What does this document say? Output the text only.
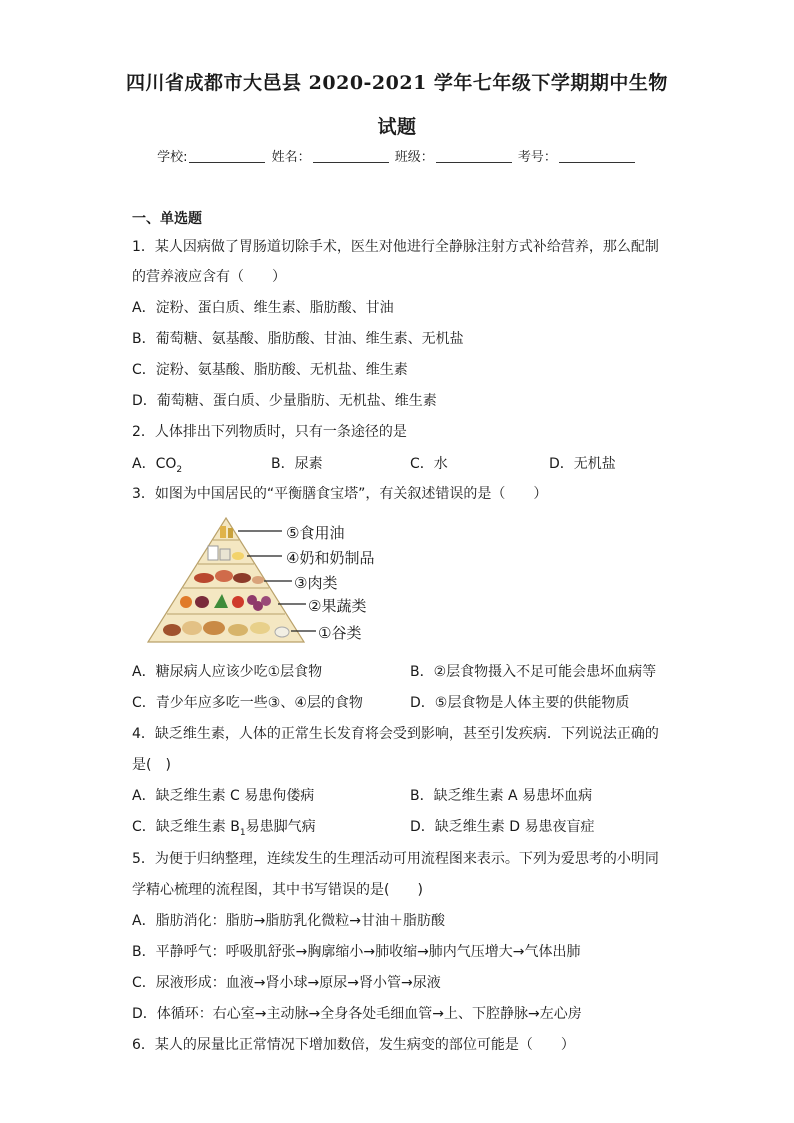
四川省成都市大邑县 2020-2021 学年七年级下学期期中生物
试题
学校:	姓名：	班级：	考号：
一、单选题
1．某人因病做了胃肠道切除手术，医生对他进行全静脉注射方式补给营养，那么配制
的营养液应含有（　　）
A．淀粉、蛋白质、维生素、脂肪酸、甘油
B．葡萄糖、氨基酸、脂肪酸、甘油、维生素、无机盐
C．淀粉、氨基酸、脂肪酸、无机盐、维生素
D．葡萄糖、蛋白质、少量脂肪、无机盐、维生素
2．人体排出下列物质时，只有一条途径的是
A．$CO_2$	B．尿素	C．水	D．无机盐
3．如图为中国居民的“平衡膳食宝塔”，有关叙述错误的是（　　）
⑤食用油
④奶和奶制品
③肉类
②果蔬类
①谷类
A．糖尿病人应该少吃①层食物	B．②层食物摄入不足可能会患坏血病等
C．青少年应多吃一些③、④层的食物	D．⑤层食物是人体主要的供能物质
4．缺乏维生素，人体的正常生长发育将会受到影响，甚至引发疾病．下列说法正确的
是(　)
A．缺乏维生素 C 易患佝偻病	B．缺乏维生素 A 易患坏血病
C．缺乏维生素 $B_1$易患脚气病	D．缺乏维生素 D 易患夜盲症
5．为便于归纳整理，连续发生的生理活动可用流程图来表示。下列为爱思考的小明同
学精心梳理的流程图，其中书写错误的是(　　)
A．脂肪消化：脂肪→脂肪乳化微粒→甘油＋脂肪酸
B．平静呼气：呼吸肌舒张→胸廓缩小→肺收缩→肺内气压增大→气体出肺
C．尿液形成：血液→肾小球→原尿→肾小管→尿液
D．体循环：右心室→主动脉→全身各处毛细血管→上、下腔静脉→左心房
6．某人的尿量比正常情况下增加数倍，发生病变的部位可能是（　　）
